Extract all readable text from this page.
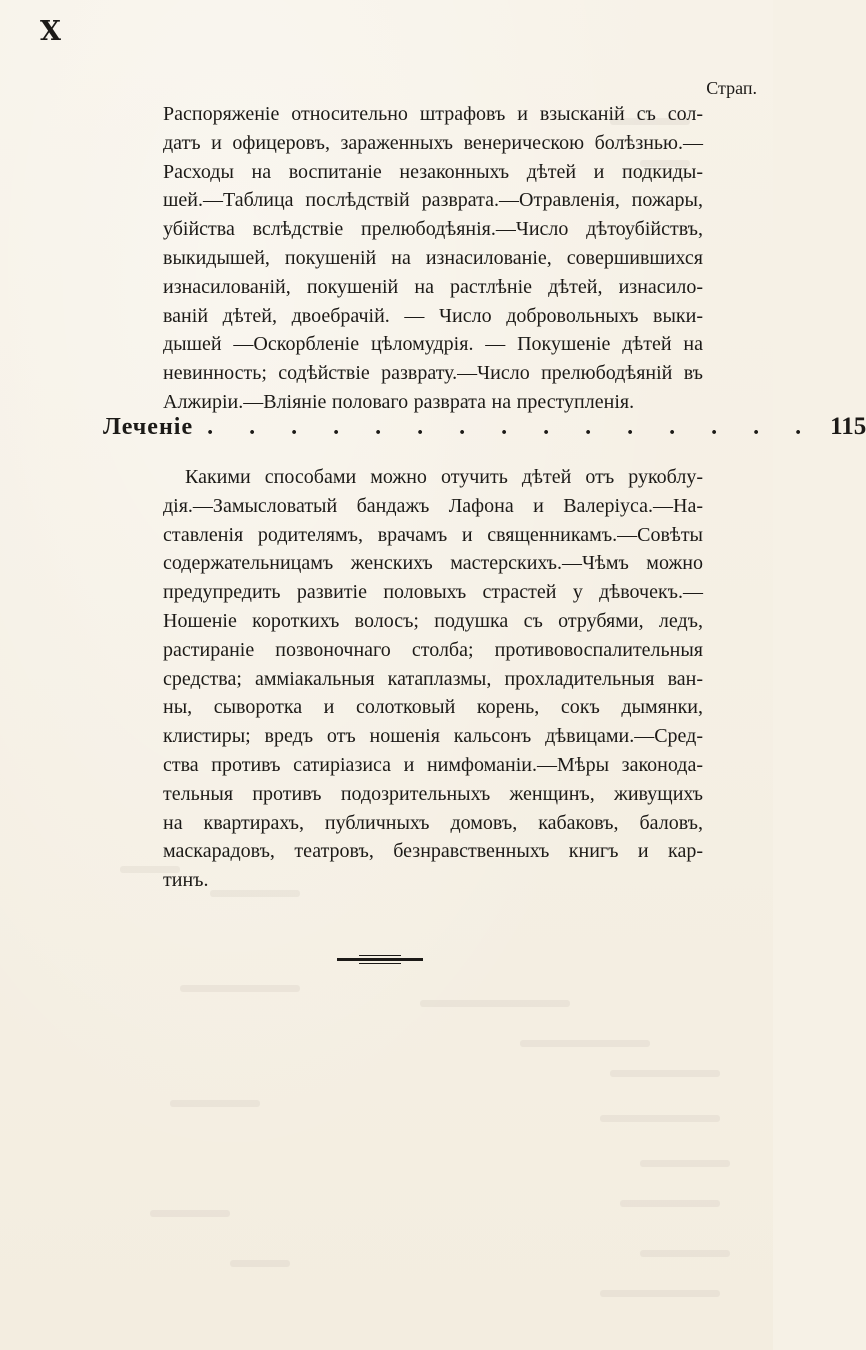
X
Страп.
Распоряженіе относительно штрафовъ и взысканій съ сол-
датъ и офицеровъ, зараженныхъ венерическою болѣзнью.—
Расходы на воспитаніе незаконныхъ дѣтей и подкиды-
шей.—Таблица послѣдствій разврата.—Отравленія, пожары,
убійства вслѣдствіе прелюбодѣянія.—Число дѣтоубійствъ,
выкидышей, покушеній на изнасилованіе, совершившихся
изнасилованій, покушеній на растлѣніе дѣтей, изнасило-
ваній дѣтей, двоебрачій. — Число добровольныхъ выки-
дышей —Оскорбленіе цѣломудрія. — Покушеніе дѣтей на
невинность; содѣйствіе разврату.—Число прелюбодѣяній въ
Алжиріи.—Вліяніе половаго разврата на преступленія.
Леченіе . . . . . . . . . . . . . . . 115
Какими способами можно отучить дѣтей отъ рукоблу-
дія.—Замысловатый бандажъ Лафона и Валеріуса.—На-
ставленія родителямъ, врачамъ и священникамъ.—Совѣты
содержательницамъ женскихъ мастерскихъ.—Чѣмъ можно
предупредить развитіе половыхъ страстей у дѣвочекъ.—
Ношеніе короткихъ волосъ; подушка съ отрубями, ледъ,
растираніе позвоночнаго столба; противовоспалительныя
средства; аммiакальныя катаплазмы, прохладительныя ван-
ны, сыворотка и солотковый корень, сокъ дымянки,
клистиры; вредъ отъ ношенія кальсонъ дѣвицами.—Сред-
ства противъ сатиріазиса и нимфоманіи.—Мѣры законода-
тельныя противъ подозрительныхъ женщинъ, живущихъ
на квартирахъ, публичныхъ домовъ, кабаковъ, баловъ,
маскарадовъ, театровъ, безнравственныхъ книгъ и кар-
тинъ.
